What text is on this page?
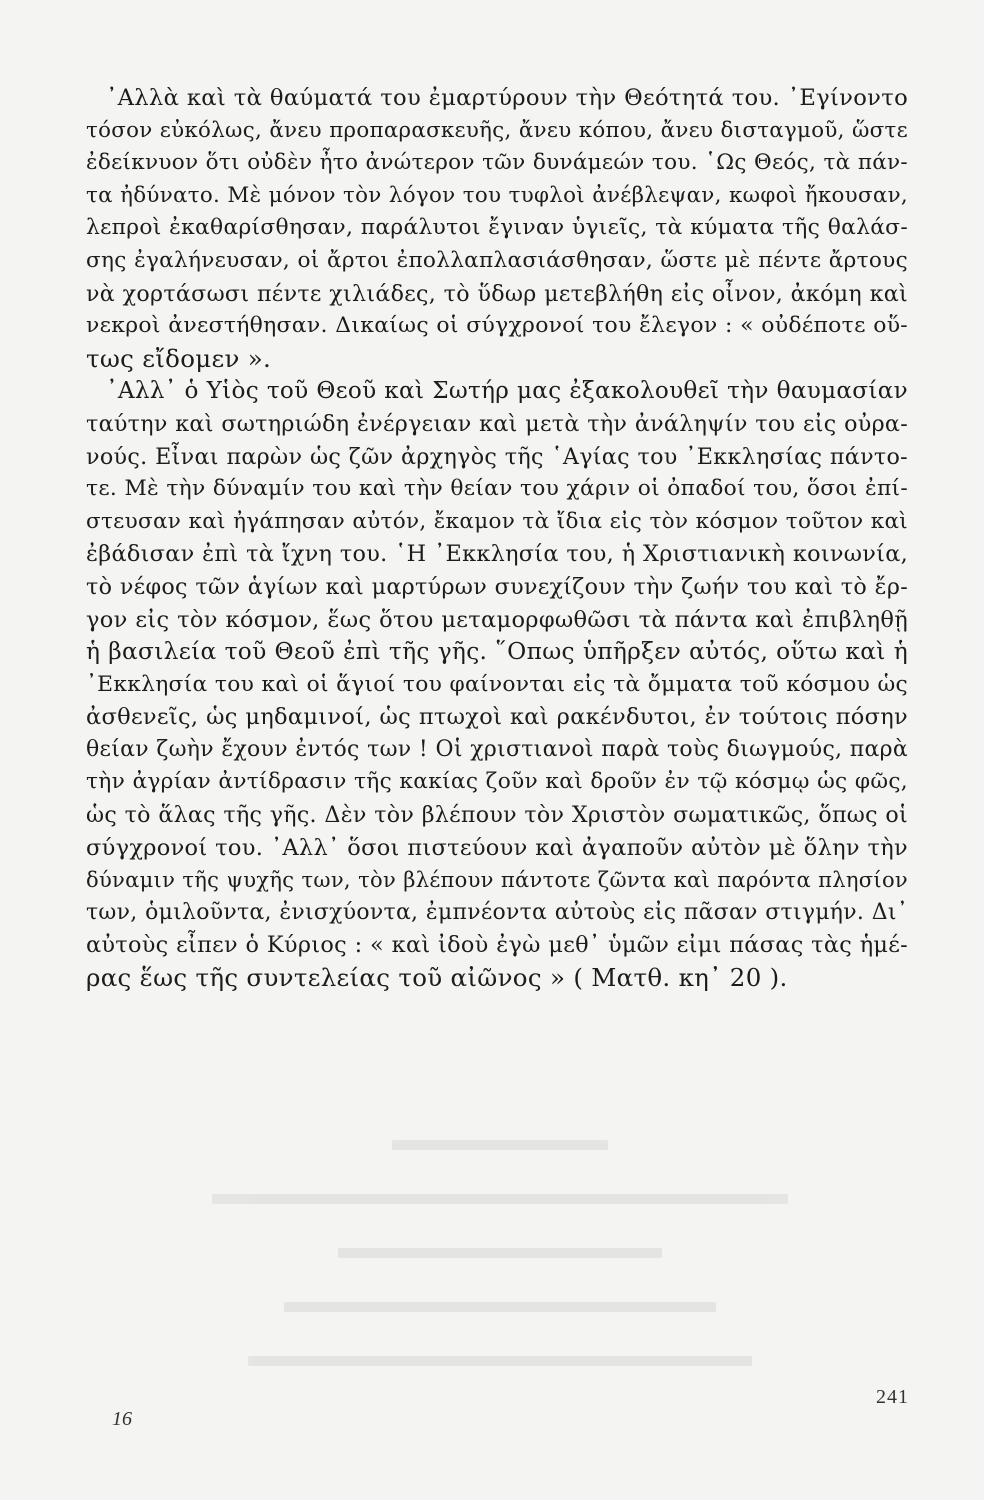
᾿Αλλὰ καὶ τὰ θαύματά του ἐμαρτύρουν τὴν Θεότητά του. ᾿Εγίνοντο
τόσον εὐκόλως, ἄνευ προπαρασκευῆς, ἄνευ κόπου, ἄνευ δισταγμοῦ, ὥστε
ἐδείκνυον ὅτι οὐδὲν ἦτο ἀνώτερον τῶν δυνάμεών του. ῾Ως Θεός, τὰ πάν-
τα ἠδύνατο. Μὲ μόνον τὸν λόγον του τυφλοὶ ἀνέβλεψαν, κωφοὶ ἤκουσαν,
λεπροὶ ἐκαθαρίσθησαν, παράλυτοι ἔγιναν ὑγιεῖς, τὰ κύματα τῆς θαλάσ-
σης ἐγαλήνευσαν, οἱ ἄρτοι ἐπολλαπλασιάσθησαν, ὥστε μὲ πέντε ἄρτους
νὰ χορτάσωσι πέντε χιλιάδες, τὸ ὕδωρ μετεβλήθη εἰς οἶνον, ἀκόμη καὶ
νεκροὶ ἀνεστήθησαν. Δικαίως οἱ σύγχρονοί του ἔλεγον : « οὐδέποτε οὕ-
τως εἴδομεν ».
᾿Αλλ᾿ ὁ Υἱὸς τοῦ Θεοῦ καὶ Σωτήρ μας ἐξακολουθεῖ τὴν θαυμασίαν
ταύτην καὶ σωτηριώδη ἐνέργειαν καὶ μετὰ τὴν ἀνάληψίν του εἰς οὐρα-
νούς. Εἶναι παρὼν ὡς ζῶν ἀρχηγὸς τῆς ῾Αγίας του ᾿Εκκλησίας πάντο-
τε. Μὲ τὴν δύναμίν του καὶ τὴν θείαν του χάριν οἱ ὀπαδοί του, ὅσοι ἐπί-
στευσαν καὶ ἠγάπησαν αὐτόν, ἔκαμον τὰ ἴδια εἰς τὸν κόσμον τοῦτον καὶ
ἐβάδισαν ἐπὶ τὰ ἴχνη του. ῾Η ᾿Εκκλησία του, ἡ Χριστιανικὴ κοινωνία,
τὸ νέφος τῶν ἁγίων καὶ μαρτύρων συνεχίζουν τὴν ζωήν του καὶ τὸ ἔρ-
γον εἰς τὸν κόσμον, ἕως ὅτου μεταμορφωθῶσι τὰ πάντα καὶ ἐπιβληθῇ
ἡ βασιλεία τοῦ Θεοῦ ἐπὶ τῆς γῆς. ῞Οπως ὑπῆρξεν αὐτός, οὕτω καὶ ἡ
᾿Εκκλησία του καὶ οἱ ἅγιοί του φαίνονται εἰς τὰ ὄμματα τοῦ κόσμου ὡς
ἀσθενεῖς, ὡς μηδαμινοί, ὡς πτωχοὶ καὶ ρακένδυτοι, ἐν τούτοις πόσην
θείαν ζωὴν ἔχουν ἐντός των ! Οἱ χριστιανοὶ παρὰ τοὺς διωγμούς, παρὰ
τὴν ἀγρίαν ἀντίδρασιν τῆς κακίας ζοῦν καὶ δροῦν ἐν τῷ κόσμῳ ὡς φῶς,
ὡς τὸ ἅλας τῆς γῆς. Δὲν τὸν βλέπουν τὸν Χριστὸν σωματικῶς, ὅπως οἱ
σύγχρονοί του. ᾿Αλλ᾿ ὅσοι πιστεύουν καὶ ἀγαποῦν αὐτὸν μὲ ὅλην τὴν
δύναμιν τῆς ψυχῆς των, τὸν βλέπουν πάντοτε ζῶντα καὶ παρόντα πλησίον
των, ὁμιλοῦντα, ἐνισχύοντα, ἐμπνέοντα αὐτοὺς εἰς πᾶσαν στιγμήν. Δι᾿
αὐτοὺς εἶπεν ὁ Κύριος : « καὶ ἰδοὺ ἐγὼ μεθ᾿ ὑμῶν εἰμι πάσας τὰς ἡμέ-
ρας ἕως τῆς συντελείας τοῦ αἰῶνος » ( Ματθ. κη᾿ 20 ).
16
241
